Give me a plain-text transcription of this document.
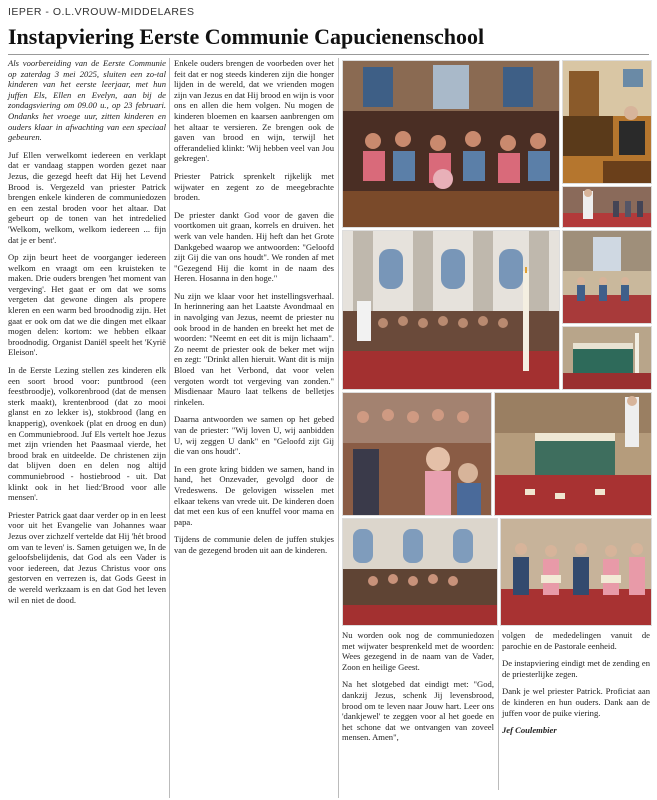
IEPER - O.L.VROUW-MIDDELARES
Instapviering Eerste Communie Capucienenschool

Als voorbereiding van de Eerste Communie op zaterdag 3 mei 2025, sluiten een zo-tal kinderen van het eerste leerjaar, met hun juffen Els, Ellen en Evelyn, aan bij de zondagsviering om 09.00 u., op 23 februari. Ondanks het vroege uur, zitten kinderen en ouders klaar in afwachting van een speciaal gebeuren.

Juf Ellen verwelkomt iedereen en verklapt dat er vandaag stappen worden gezet naar Jezus, die gezegd heeft dat Hij het Levend Brood is. Vergezeld van priester Patrick brengen enkele kinderen de communiedozen en een zestal broden voor het altaar. Dat gebeurt op de tonen van het intredelied 'Welkom, welkom, welkom iedereen ... fijn dat je er bent'.

Op zijn beurt heet de voorganger iedereen welkom en vraagt om een kruisteken te maken. Drie ouders brengen 'het moment van vergeving'. Het gaat er om dat we soms vergeten dat gewone dingen als propere kleren en een warm bed broodnodig zijn. Het gaat er ook om dat we die dingen met elkaar mogen delen: kortom: we hebben elkaar broodnodig. Organist Daniël speelt het 'Kyrië Eleison'.

In de Eerste Lezing stellen zes kinderen elk een soort brood voor: puntbrood (een feestbroodje), volkorenbrood (dat de mensen sterk maakt), krentenbrood (dat zo mooi glanst en zo lekker is), stokbrood (lang en knapperig), ovenkoek (plat en droog en dun) en Communiebrood. Juf Els vertelt hoe Jezus met zijn vrienden het Paasmaal vierde, het brood brak en uitdeelde. De christenen zijn dat blijven doen en delen nog altijd communiebrood - hostiebrood - uit. Dat klinkt ook in het lied:'Brood voor alle mensen'.

Priester Patrick gaat daar verder op in en leest voor uit het Evangelie van Johannes waar Jezus over zichzelf vertelde dat Hij 'hét brood om van te leven' is. Samen getuigen we, In de geloofsbelijdenis, dat God als een Vader is voor iedereen, dat Jezus Christus voor ons gestorven en verrezen is, dat Gods Geest in de wereld werkzaam is en dat God het leven wil en niet de dood.

Enkele ouders brengen de voorbeden over het feit dat er nog steeds kinderen zijn die honger lijden in de wereld, dat we vrienden mogen zijn van Jezus en dat Hij brood en wijn is voor ons en allen die hem volgen. Nu mogen de kinderen bloemen en kaarsen aanbrengen om het altaar te versieren. Ze brengen ook de gaven van brood en wijn, terwijl het offerandelied klinkt: 'Wij hebben veel van Jou gekregen'.

Priester Patrick sprenkelt rijkelijk met wijwater en zegent zo de meegebrachte broden.

De priester dankt God voor de gaven die voortkomen uit graan, korrels en druiven. het werk van vele handen. Hij heft dan het Grote Dankgebed waarop we antwoorden: "Geloofd zijt Gij die van ons houdt". We ronden af met "Gezegend Hij die komt in de naam des Heren. Hosanna in den hoge."

Nu zijn we klaar voor het instellingsverhaal. In herinnering aan het Laatste Avondmaal en in navolging van Jezus, neemt de priester nu ook brood in de handen en breekt het met de woorden: "Neemt en eet dit is mijn lichaam". Zo neemt de priester ook de beker met wijn en zegt: "Drinkt allen hieruit. Want dit is mijn Bloed van het Verbond, dat voor velen vergoten wordt tot vergeving van zonden." Misdienaar Mauro laat telkens de belletjes rinkelen.

Daarna antwoorden we samen op het gebed van de priester: "Wij loven U, wij aanbidden U, wij zeggen U dank" en "Geloofd zijt Gij die van ons houdt".

In een grote kring bidden we samen, hand in hand, het Onzevader, gevolgd door de Vredeswens. De gelovigen wisselen met elkaar tekens van vrede uit. De kinderen doen dat met een kus of een knuffel voor mama en papa.

Tijdens de communie delen de juffen stukjes van de gezegend broden uit aan de kinderen.

Nu worden ook nog de communiedozen met wijwater besprenkeld met de woorden: Wees gezegend in de naam van de Vader, Zoon en heilige Geest.

Na het slotgebed dat eindigt met: "God, dankzij Jezus, schenk Jij levensbrood, brood om te leven naar Jouw hart. Leer ons 'dankjewel' te zeggen voor al het goede en het schone dat we ontvangen van zoveel mensen. Amen",

volgen de mededelingen vanuit de parochie en de Pastorale eenheid.

De instapviering eindigt met de zending en de priesterlijke zegen.

Dank je wel priester Patrick. Proficiat aan de kinderen en hun ouders. Dank aan de juffen voor de puike viering.

Jef Coulembier
